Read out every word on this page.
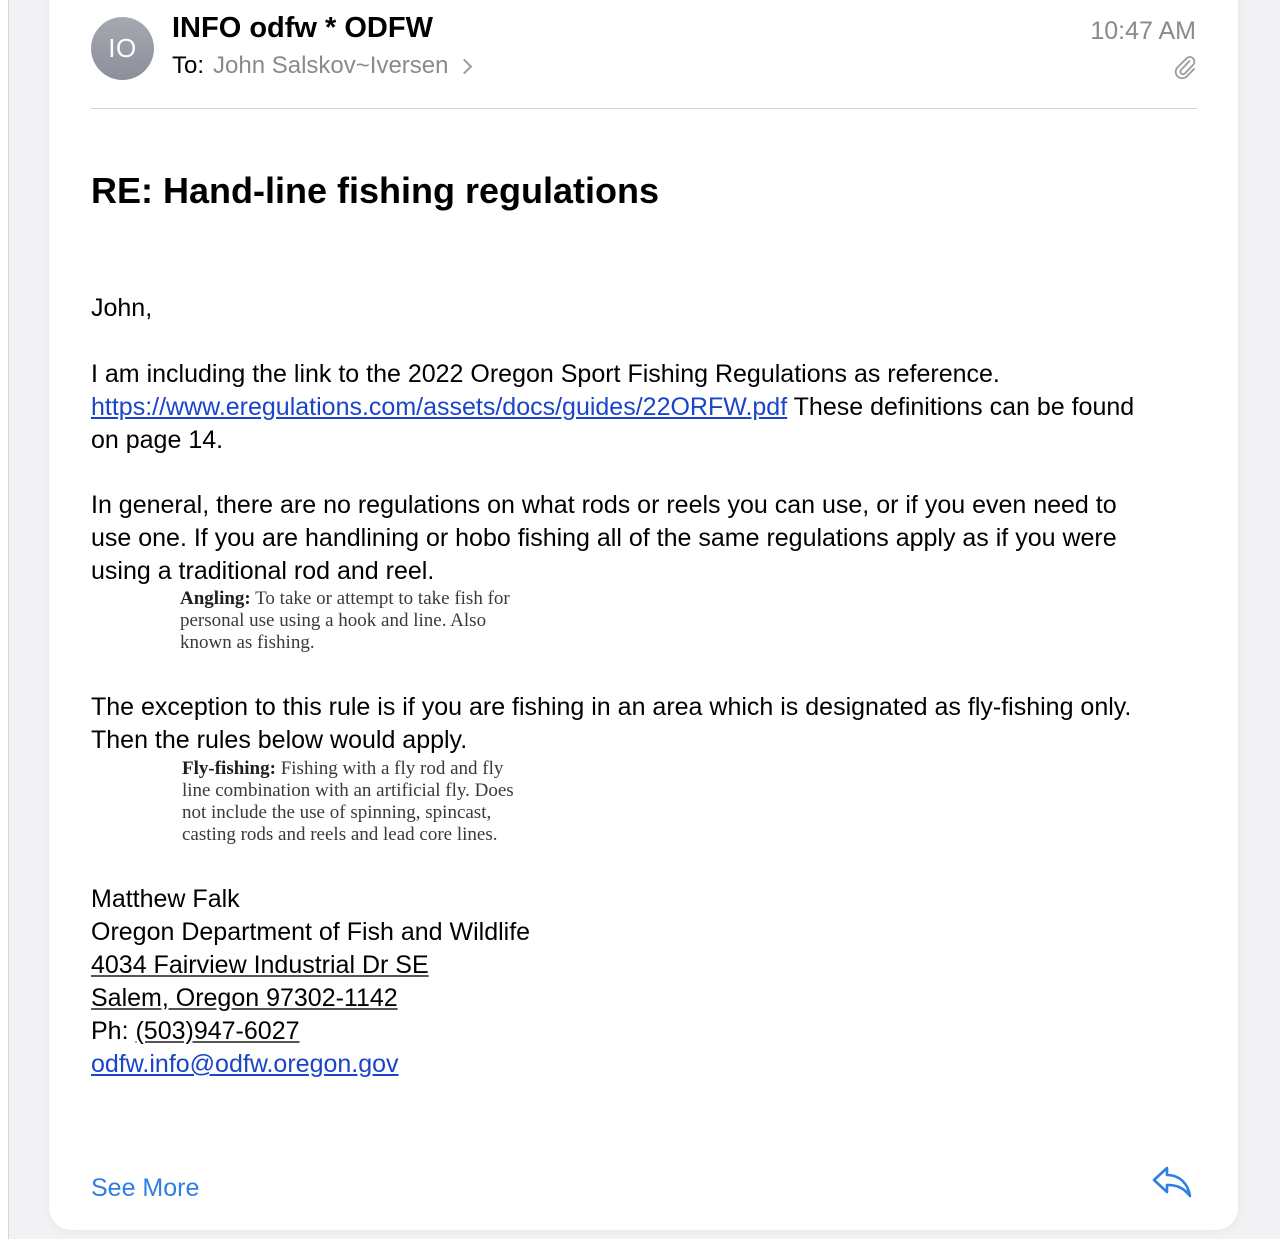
IO
INFO odfw * ODFW
To: John Salskov~Iversen
10:47 AM
RE: Hand-line fishing regulations
John,
I am including the link to the 2022 Oregon Sport Fishing Regulations as reference.
https://www.eregulations.com/assets/docs/guides/22ORFW.pdf These definitions can be found
on page 14.
In general, there are no regulations on what rods or reels you can use, or if you even need to
use one. If you are handlining or hobo fishing all of the same regulations apply as if you were
using a traditional rod and reel.
Angling: To take or attempt to take fish for
personal use using a hook and line. Also
known as fishing.
The exception to this rule is if you are fishing in an area which is designated as fly-fishing only.
Then the rules below would apply.
Fly-fishing: Fishing with a fly rod and fly
line combination with an artificial fly. Does
not include the use of spinning, spincast,
casting rods and reels and lead core lines.
Matthew Falk
Oregon Department of Fish and Wildlife
4034 Fairview Industrial Dr SE
Salem, Oregon 97302-1142
Ph: (503)947-6027
odfw.info@odfw.oregon.gov
See More
